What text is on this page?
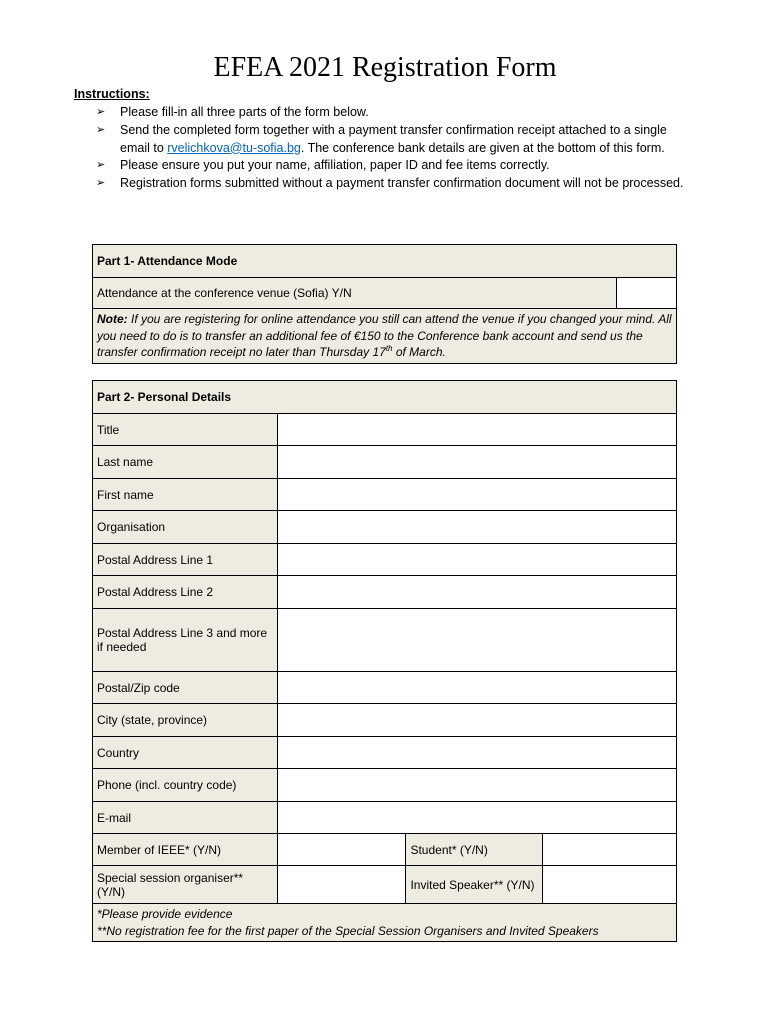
EFEA 2021 Registration Form
Instructions:
➢ Please fill-in all three parts of the form below.
➢ Send the completed form together with a payment transfer confirmation receipt attached to a single email to rvelichkova@tu-sofia.bg. The conference bank details are given at the bottom of this form.
➢ Please ensure you put your name, affiliation, paper ID and fee items correctly.
➢ Registration forms submitted without a payment transfer confirmation document will not be processed.
Part 1- Attendance Mode
Attendance at the conference venue (Sofia) Y/N	
Note: If you are registering for online attendance you still can attend the venue if you changed your mind. All you need to do is to transfer an additional fee of €150 to the Conference bank account and send us the transfer confirmation receipt no later than Thursday 17th of March.
Part 2- Personal Details			
Title			
Last name			
First name			
Organisation			
Postal Address Line 1			
Postal Address Line 2			
Postal Address Line 3 and more if needed			
Postal/Zip code			
City (state, province)			
Country			
Phone (incl. country code)			
E-mail			
Member of IEEE* (Y/N)		Student* (Y/N)	
Special session organiser** (Y/N)		Invited Speaker** (Y/N)	

*Please provide evidence
**No registration fee for the first paper of the Special Session Organisers and Invited Speakers			
